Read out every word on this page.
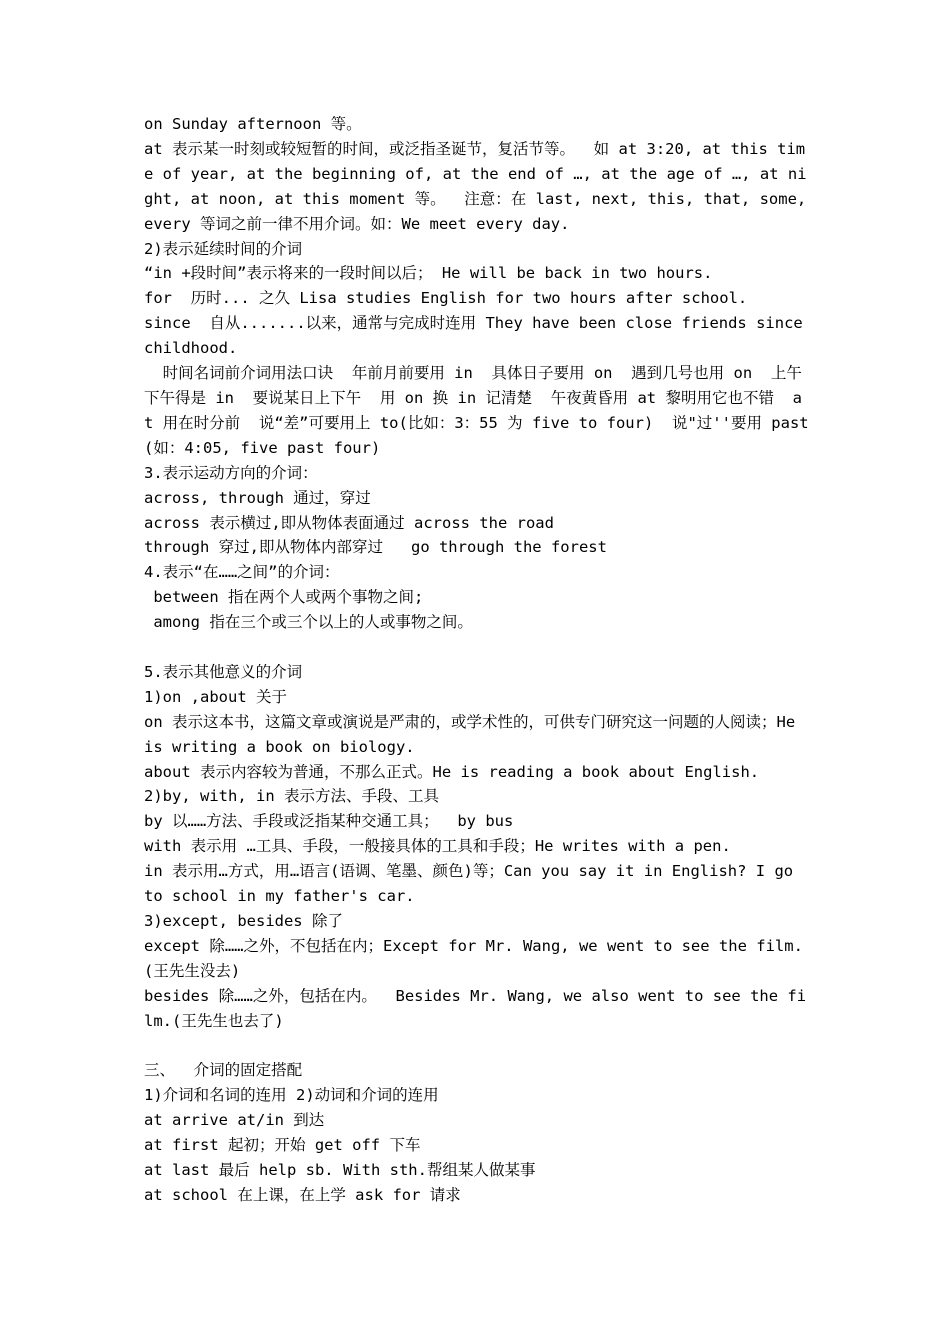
on Sunday afternoon 等。

at 表示某一时刻或较短暂的时间，或泛指圣诞节，复活节等。  如 at 3:20, at this time of year, at the beginning of, at the end of …, at the age of …, at night, at noon, at this moment 等。  注意：在 last, next, this, that, some, every 等词之前一律不用介词。如：We meet every day.

2)表示延续时间的介词

“in +段时间”表示将来的一段时间以后； He will be back in two hours.

for  历时... 之久 Lisa studies English for two hours after school.

since  自从.......以来，通常与完成时连用 They have been close friends since childhood.

时间名词前介词用法口诀  年前月前要用 in  具体日子要用 on  遇到几号也用 on  上午下午得是 in  要说某日上下午  用 on 换 in 记清楚  午夜黄昏用 at 黎明用它也不错  at 用在时分前  说“差”可要用上 to(比如：3：55 为 five to four)  说"过''要用 past(如：4:05, five past four)

3.表示运动方向的介词：

across, through 通过，穿过

across 表示横过,即从物体表面通过 across the road

through 穿过,即从物体内部穿过   go through the forest

4.表示“在……之间”的介词：

between 指在两个人或两个事物之间;

among 指在三个或三个以上的人或事物之间。

5.表示其他意义的介词

1)on ,about 关于

on 表示这本书，这篇文章或演说是严肃的，或学术性的，可供专门研究这一问题的人阅读；He is writing a book on biology.

about 表示内容较为普通，不那么正式。He is reading a book about English.

2)by, with, in 表示方法、手段、工具

by 以……方法、手段或泛指某种交通工具；  by bus

with 表示用 …工具、手段，一般接具体的工具和手段；He writes with a pen.

in 表示用…方式，用…语言(语调、笔墨、颜色)等；Can you say it in English? I go to school in my father's car.

3)except, besides 除了

except 除……之外，不包括在内；Except for Mr. Wang, we went to see the film.(王先生没去)

besides 除……之外，包括在内。  Besides Mr. Wang, we also went to see the film.(王先生也去了)

三、  介词的固定搭配

1)介词和名词的连用 2)动词和介词的连用

at arrive at/in 到达

at first 起初；开始 get off 下车

at last 最后 help sb. With sth.帮组某人做某事

at school 在上课，在上学 ask for 请求
